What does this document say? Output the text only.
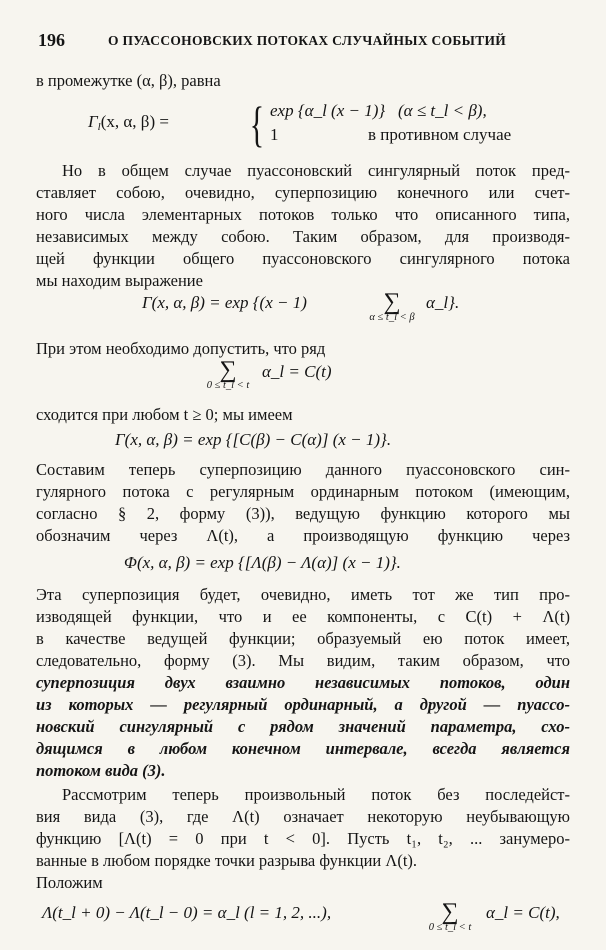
196	О ПУАССОНОВСКИХ ПОТОКАХ СЛУЧАЙНЫХ СОБЫТИЙ
в промежутке (α, β), равна
$\Gamma_l(x$, α, β) = { exp {α_l (x − 1)} (α ≤ t_l < β),
1	в противном случае
Но в общем случае пуассоновский сингулярный поток пред-
ставляет собою, очевидно, суперпозицию конечного или счет-
ного числа элементарных потоков только что описанного типа,
независимых между собою. Таким образом, для производя-
щей функции общего пуассоновского сингулярного потока
мы находим выражение
Γ(x, α, β) = exp {(x − 1)	∑
α ≤ t_l < β
α_l}.
При этом необходимо допустить, что ряд
∑
0 ≤ t_l < t
α_l = C(t)
сходится при любом t ≥ 0; мы имеем
Γ(x, α, β) = exp {[C(β) − C(α)] (x − 1)}.
Составим теперь суперпозицию данного пуассоновского син-
гулярного потока с регулярным ординарным потоком (имеющим,
согласно § 2, форму (3)), ведущую функцию которого мы
обозначим через Λ(t), а производящую функцию через
Φ(x, α, β) = exp {[Λ(β) − Λ(α)] (x − 1)}.
Эта суперпозиция будет, очевидно, иметь тот же тип про-
изводящей функции, что и ее компоненты, с C(t) + Λ(t)
в качестве ведущей функции; образуемый ею поток имеет,
следовательно, форму (3). Мы видим, таким образом, что
суперпозиция двух взаимно независимых потоков, один
из которых — регулярный ординарный, а другой — пуассо-
новский сингулярный с рядом значений параметра, схо-
дящимся в любом конечном интервале, всегда является
потоком вида (3).
Рассмотрим теперь произвольный поток без последейст-
вия вида (3), где Λ(t) означает некоторую неубывающую
функцию [Λ(t) = 0 при t < 0]. Пусть t₁, t₂, ... занумеро-
ванные в любом порядке точки разрыва функции Λ(t).
Положим
Λ(t_l + 0) − Λ(t_l − 0) = α_l (l = 1, 2, ...),	∑
0 ≤ t_l < t
α_l = C(t),
